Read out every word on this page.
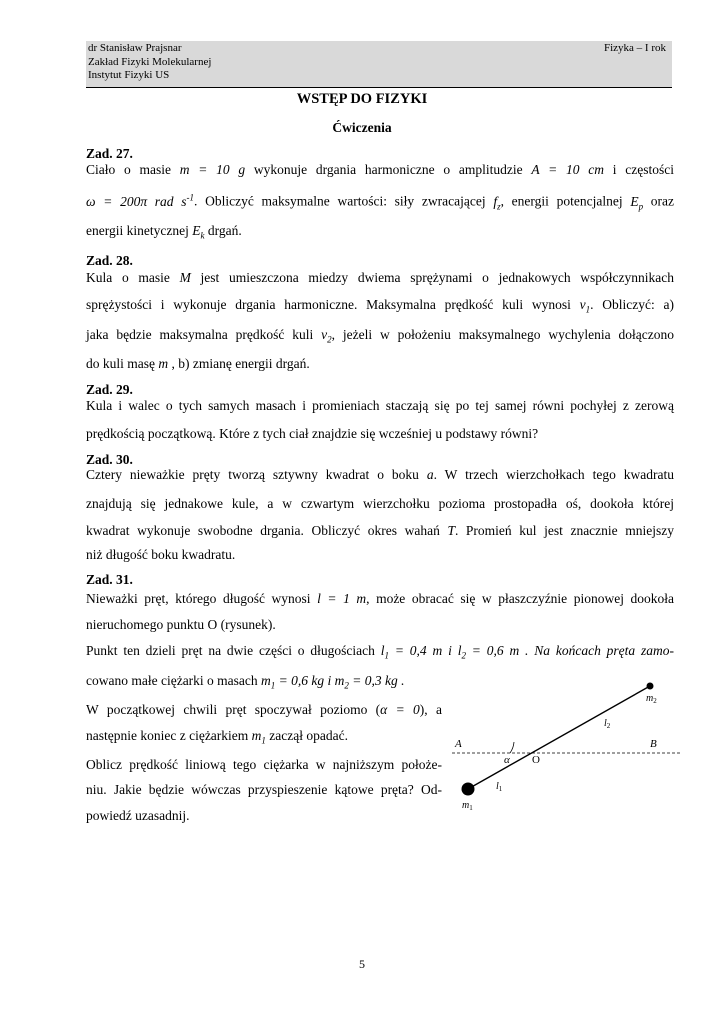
dr Stanisław Prajsnar
Zakład Fizyki Molekularnej
Instytut Fizyki US
Fizyka – I rok
WSTĘP DO FIZYKI
Ćwiczenia
Zad. 27.
Ciało o masie m = 10 g wykonuje drgania harmoniczne o amplitudzie A = 10 cm i częstości
ω = 200π rad $s^{-1}$. Obliczyć maksymalne wartości: siły zwracającej $f_z$, energii potencjalnej $E_p$ oraz
energii kinetycznej $E_k$ drgań.
Zad. 28.
Kula o masie M jest umieszczona miedzy dwiema sprężynami o jednakowych współczynnikach
sprężystości i wykonuje drgania harmoniczne. Maksymalna prędkość kuli wynosi $v_1$. Obliczyć: a)
jaka będzie maksymalna prędkość kuli $v_2$, jeżeli w położeniu maksymalnego wychylenia dołączono
do kuli masę m , b) zmianę energii drgań.
Zad. 29.
Kula i walec o tych samych masach i promieniach staczają się po tej samej równi pochyłej z zerową
prędkością początkową. Które z tych ciał znajdzie się wcześniej u podstawy równi?
Zad. 30.
Cztery nieważkie pręty tworzą sztywny kwadrat o boku a. W trzech wierzchołkach tego kwadratu
znajdują się jednakowe kule, a w czwartym wierzchołku pozioma prostopadła oś, dookoła której
kwadrat wykonuje swobodne drgania. Obliczyć okres wahań T. Promień kul jest znacznie mniejszy
niż długość boku kwadratu.
Zad. 31.
Nieważki pręt, którego długość wynosi l = 1 m, może obracać się w płaszczyźnie pionowej dookoła
nieruchomego punktu O (rysunek).
Punkt ten dzieli pręt na dwie części o długościach $l_1 = 0,4$ m i $l_2 = 0,6$ m . Na końcach pręta zamo-
cowano małe ciężarki o masach $m_1 = 0,6$ kg i $m_2 = 0,3$ kg .
W początkowej chwili pręt spoczywał poziomo (α = 0), a
następnie koniec z ciężarkiem $m_1$ zaczął opadać.
Oblicz prędkość liniową tego ciężarka w najniższym położe-
niu. Jakie będzie wówczas przyspieszenie kątowe pręta? Od-
powiedź uzasadnij.
A	B
O
α
$l_1$
$l_2$
$m_1$
$m_2$
5
